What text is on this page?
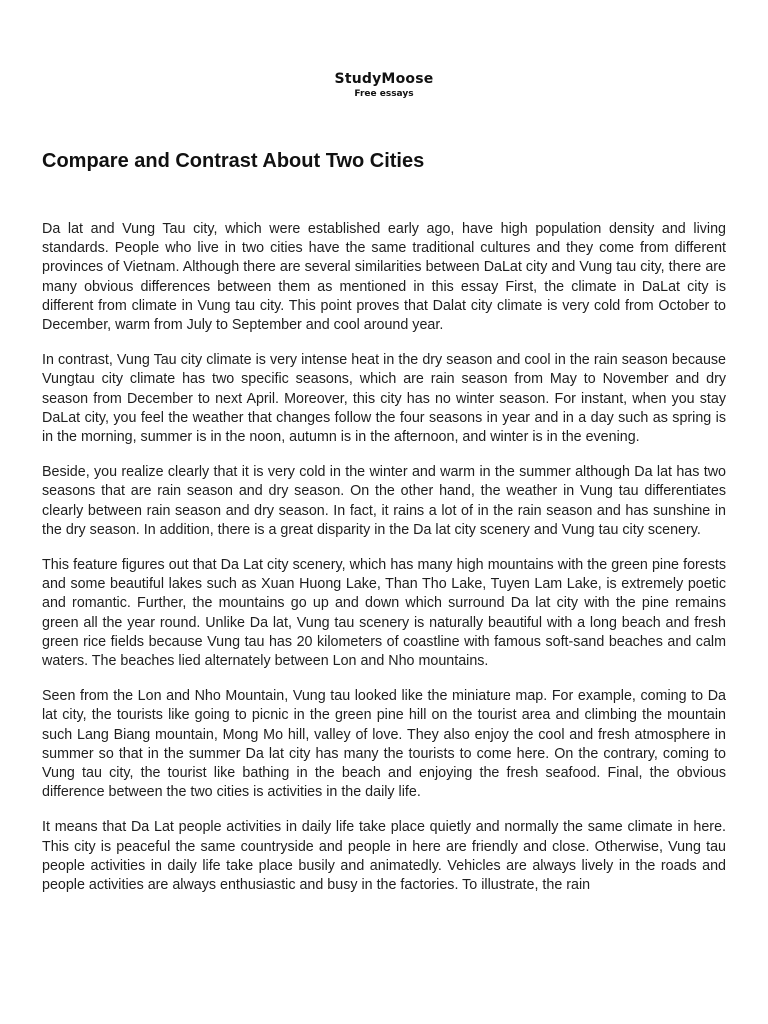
StudyMoose
Free essays
Compare and Contrast About Two Cities

Da lat and Vung Tau city, which were established early ago, have high population density and living standards. People who live in two cities have the same traditional cultures and they come from different provinces of Vietnam. Although there are several similarities between DaLat city and Vung tau city, there are many obvious differences between them as mentioned in this essay First, the climate in DaLat city is different from climate in Vung tau city. This point proves that Dalat city climate is very cold from October to December, warm from July to September and cool around year.

In contrast, Vung Tau city climate is very intense heat in the dry season and cool in the rain season because Vungtau city climate has two specific seasons, which are rain season from May to November and dry season from December to next April. Moreover, this city has no winter season. For instant, when you stay DaLat city, you feel the weather that changes follow the four seasons in year and in a day such as spring is in the morning, summer is in the noon, autumn is in the afternoon, and winter is in the evening.

Beside, you realize clearly that it is very cold in the winter and warm in the summer although Da lat has two seasons that are rain season and dry season. On the other hand, the weather in Vung tau differentiates clearly between rain season and dry season. In fact, it rains a lot of in the rain season and has sunshine in the dry season. In addition, there is a great disparity in the Da lat city scenery and Vung tau city scenery.

This feature figures out that Da Lat city scenery, which has many high mountains with the green pine forests and some beautiful lakes such as Xuan Huong Lake, Than Tho Lake, Tuyen Lam Lake, is extremely poetic and romantic. Further, the mountains go up and down which surround Da lat city with the pine remains green all the year round. Unlike Da lat, Vung tau scenery is naturally beautiful with a long beach and fresh green rice fields because Vung tau has 20 kilometers of coastline with famous soft-sand beaches and calm waters. The beaches lied alternately between Lon and Nho mountains.

Seen from the Lon and Nho Mountain, Vung tau looked like the miniature map. For example, coming to Da lat city, the tourists like going to picnic in the green pine hill on the tourist area and climbing the mountain such Lang Biang mountain, Mong Mo hill, valley of love. They also enjoy the cool and fresh atmosphere in summer so that in the summer Da lat city has many the tourists to come here. On the contrary, coming to Vung tau city, the tourist like bathing in the beach and enjoying the fresh seafood. Final, the obvious difference between the two cities is activities in the daily life.

It means that Da Lat people activities in daily life take place quietly and normally the same climate in here. This city is peaceful the same countryside and people in here are friendly and close. Otherwise, Vung tau people activities in daily life take place busily and animatedly. Vehicles are always lively in the roads and people activities are always enthusiastic and busy in the factories. To illustrate, the rain
